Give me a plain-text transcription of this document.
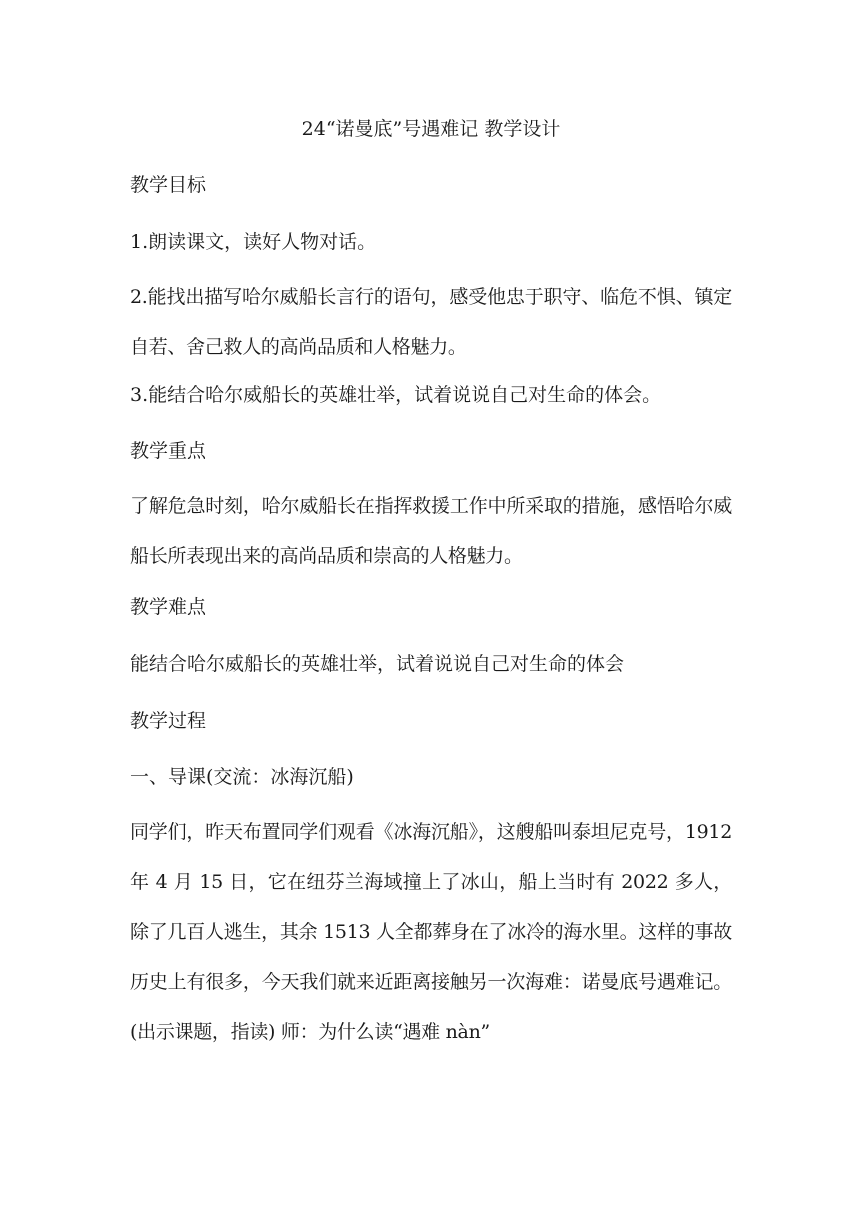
24“诺曼底”号遇难记 教学设计
教学目标
1.朗读课文，读好人物对话。
2.能找出描写哈尔威船长言行的语句，感受他忠于职守、临危不惧、镇定自若、舍己救人的高尚品质和人格魅力。
3.能结合哈尔威船长的英雄壮举，试着说说自己对生命的体会。
教学重点
了解危急时刻，哈尔威船长在指挥救援工作中所采取的措施，感悟哈尔威船长所表现出来的高尚品质和崇高的人格魅力。
教学难点
能结合哈尔威船长的英雄壮举，试着说说自己对生命的体会
教学过程
一、导课(交流：冰海沉船)
同学们，昨天布置同学们观看《冰海沉船》，这艘船叫泰坦尼克号，1912 年 4 月 15 日，它在纽芬兰海域撞上了冰山，船上当时有 2022 多人，除了几百人逃生，其余 1513 人全都葬身在了冰冷的海水里。这样的事故历史上有很多，今天我们就来近距离接触另一次海难：诺曼底号遇难记。(出示课题，指读) 师：为什么读“遇难 nàn”
